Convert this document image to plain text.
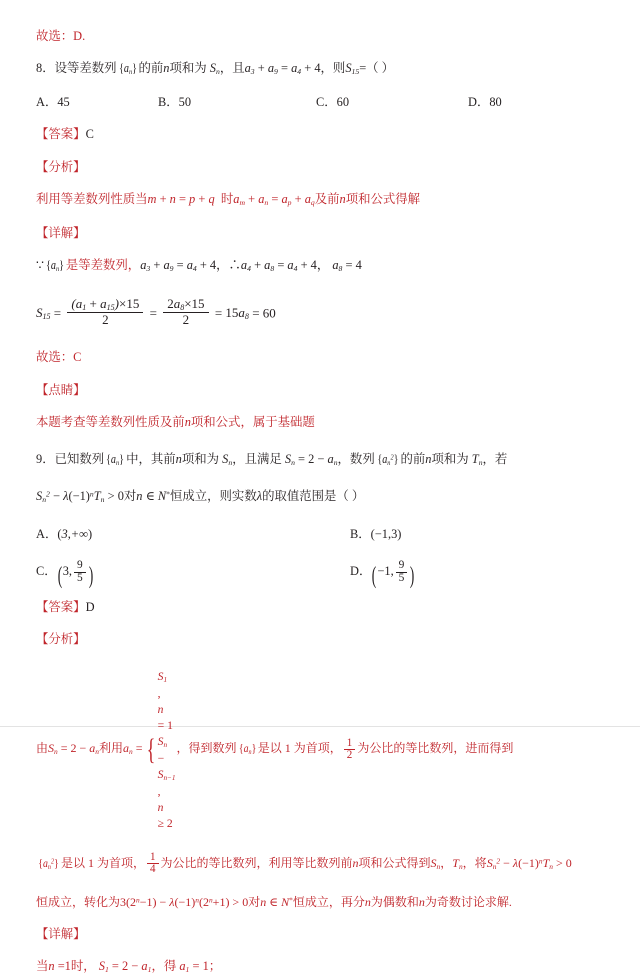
故选：D.
8．设等差数列 $\{a_n\}$ 的前n项和为 $S_n$，且$a_3 + a_9 = a_4 + 4$，则$S_{15}=$（ ）
A．45	B．50	C．60	D．80
【答案】C
【分析】
利用等差数列性质当m + n = p + q 时$a_m + a_n = a_p + a_q$及前n项和公式得解
【详解】
∵ $\{a_n\}$ 是等差数列，$a_3 + a_9 = a_4 + 4$，$\therefore a_4 + a_8 = a_4 + 4$， $a_8 = 4$
$S_{15} = \frac{(a_1 + a_{15})\times 15}{2} = \frac{2a_8\times 15}{2} = 15a_8 = 60$
故选：C
【点睛】
本题考查等差数列性质及前n项和公式，属于基础题
9．已知数列 $\{a_n\}$ 中，其前n项和为 $S_n$，且满足 $S_n = 2 - a_n$，数列 $\{a_n^2\}$ 的前n项和为 $T_n$，若
$S_n^2 - \lambda(-1)^nT_n > 0$对n ∈ N*恒成立，则实数λ的取值范围是（ ）
A．(3,+∞)	B．(−1,3)
C．(3, $\frac{9}{5}$ )	D．(−1, $\frac{9}{5}$ )
【答案】D
【分析】
由$S_n = 2 - a_n$利用$a_n$ = {
$S_1$
,
n
= 1
$S_n$
−
$S_{n-1}$
,
n
≥ 2
，得到数列 $\{a_n\}$ 是以 1 为首项， $\frac{1}{2}$ 为公比的等比数列，进而得到
$\{a_n^2\}$ 是以 1 为首项， $\frac{1}{4}$ 为公比的等比数列，利用等比数列前n项和公式得到$S_n$，$T_n$，将$S_n^2 - \lambda(-1)^nT_n > 0$
恒成立，转化为$3(2^n-1) - \lambda(-1)^n(2^n+1) > 0$对n ∈ N*恒成立，再分n为偶数和n为奇数讨论求解.
【详解】
当n =1时， $S_1 = 2 - a_1$，得 $a_1 = 1$；
